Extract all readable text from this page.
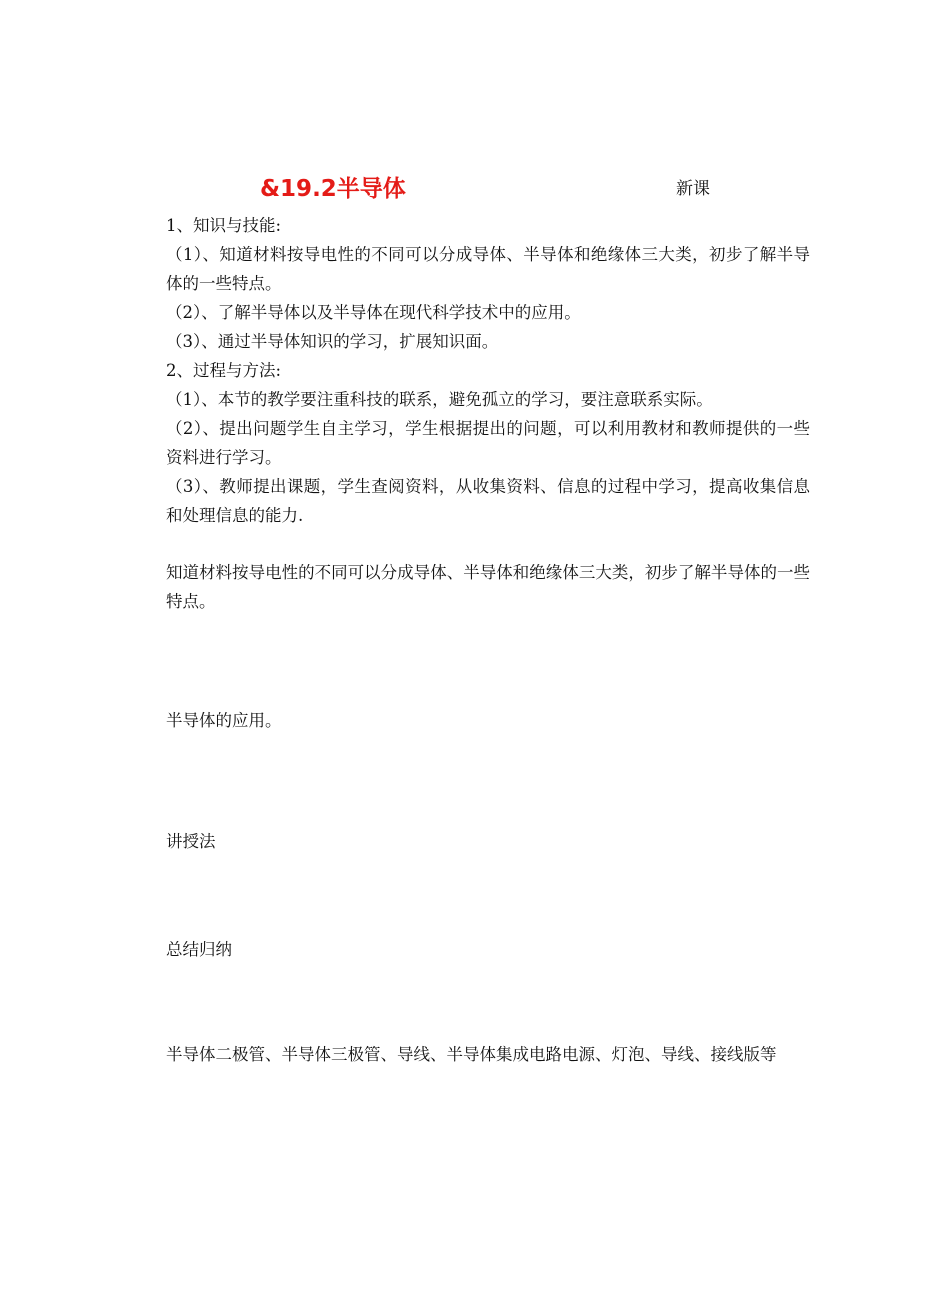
&19.2半导体	新课

1、知识与技能:

（1）、知道材料按导电性的不同可以分成导体、半导体和绝缘体三大类，初步了解半导体的一些特点。

（2）、了解半导体以及半导体在现代科学技术中的应用。

（3）、通过半导体知识的学习，扩展知识面。

2、过程与方法:

（1）、本节的教学要注重科技的联系，避免孤立的学习，要注意联系实际。

（2）、提出问题学生自主学习，学生根据提出的问题，可以利用教材和教师提供的一些资料进行学习。

（3）、教师提出课题，学生查阅资料，从收集资料、信息的过程中学习，提高收集信息和处理信息的能力.

知道材料按导电性的不同可以分成导体、半导体和绝缘体三大类，初步了解半导体的一些特点。

半导体的应用。

讲授法

总结归纳

半导体二极管、半导体三极管、导线、半导体集成电路电源、灯泡、导线、接线版等
